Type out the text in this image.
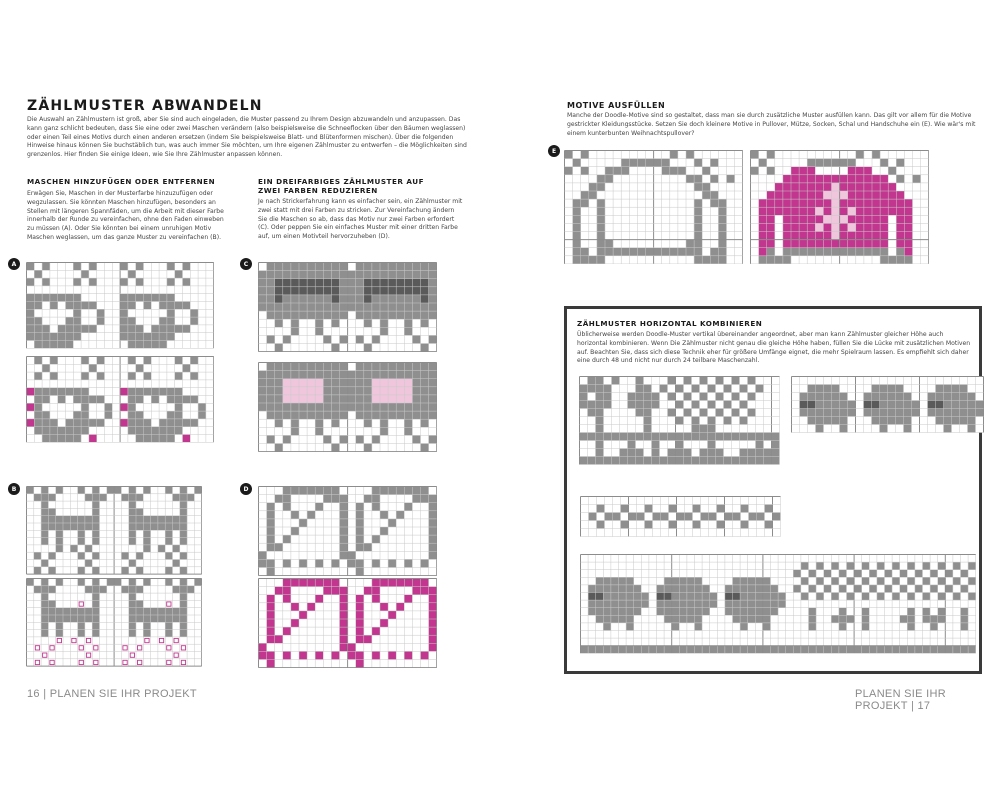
ZÄHLMUSTER ABWANDELN

Die Auswahl an Zählmustern ist groß, aber Sie sind auch eingeladen, die Muster passend zu Ihrem Design abzuwandeln und anzupassen. Das kann ganz schlicht bedeuten, dass Sie eine oder zwei Maschen verändern (also beispielsweise die Schneeflocken über den Bäumen weglassen) oder einen Teil eines Motivs durch einen anderen ersetzen (indem Sie beispielsweise Blatt- und Blütenformen mischen). Über die folgenden Hinweise hinaus können Sie buchstäblich tun, was auch immer Sie möchten, um Ihre eigenen Zählmuster zu entwerfen – die Möglichkeiten sind grenzenlos. Hier finden Sie einige Ideen, wie Sie Ihre Zählmuster anpassen können.

MASCHEN HINZUFÜGEN ODER ENTFERNEN

Erwägen Sie, Maschen in der Musterfarbe hinzuzufügen oder wegzulassen. Sie könnten Maschen hinzufügen, besonders an Stellen mit längeren Spannfäden, um die Arbeit mit dieser Farbe innerhalb der Runde zu vereinfachen, ohne den Faden einweben zu müssen (A). Oder Sie könnten bei einem unruhigen Motiv Maschen weglassen, um das ganze Muster zu vereinfachen (B).

EIN DREIFARBIGES ZÄHLMUSTER AUF ZWEI FARBEN REDUZIEREN

Je nach Strickerfahrung kann es einfacher sein, ein Zählmuster mit zwei statt mit drei Farben zu stricken. Zur Vereinfachung ändern Sie die Maschen so ab, dass das Motiv nur zwei Farben erfordert (C). Oder peppen Sie ein einfaches Muster mit einer dritten Farbe auf, um einen Motivteil hervorzuheben (D).

A
B
C
D
16 | PLANEN SIE IHR PROJEKT
MOTIVE AUSFÜLLEN

Manche der Doodle-Motive sind so gestaltet, dass man sie durch zusätzliche Muster ausfüllen kann. Das gilt vor allem für die Motive gestrickter Kleidungsstücke. Setzen Sie doch kleinere Motive in Pullover, Mütze, Socken, Schal und Handschuhe ein (E). Wie wär's mit einem kunterbunten Weihnachtspullover?

E
ZÄHLMUSTER HORIZONTAL KOMBINIEREN

Üblicherweise werden Doodle-Muster vertikal übereinander angeordnet, aber man kann Zählmuster gleicher Höhe auch horizontal kombinieren. Wenn Die Zählmuster nicht genau die gleiche Höhe haben, füllen Sie die Lücke mit zusätzlichen Motiven auf. Beachten Sie, dass sich diese Technik eher für größere Umfänge eignet, die mehr Spielraum lassen. Es empfiehlt sich daher eine durch 48 und nicht nur durch 24 teilbare Maschenzahl.

PLANEN SIE IHR PROJEKT | 17
